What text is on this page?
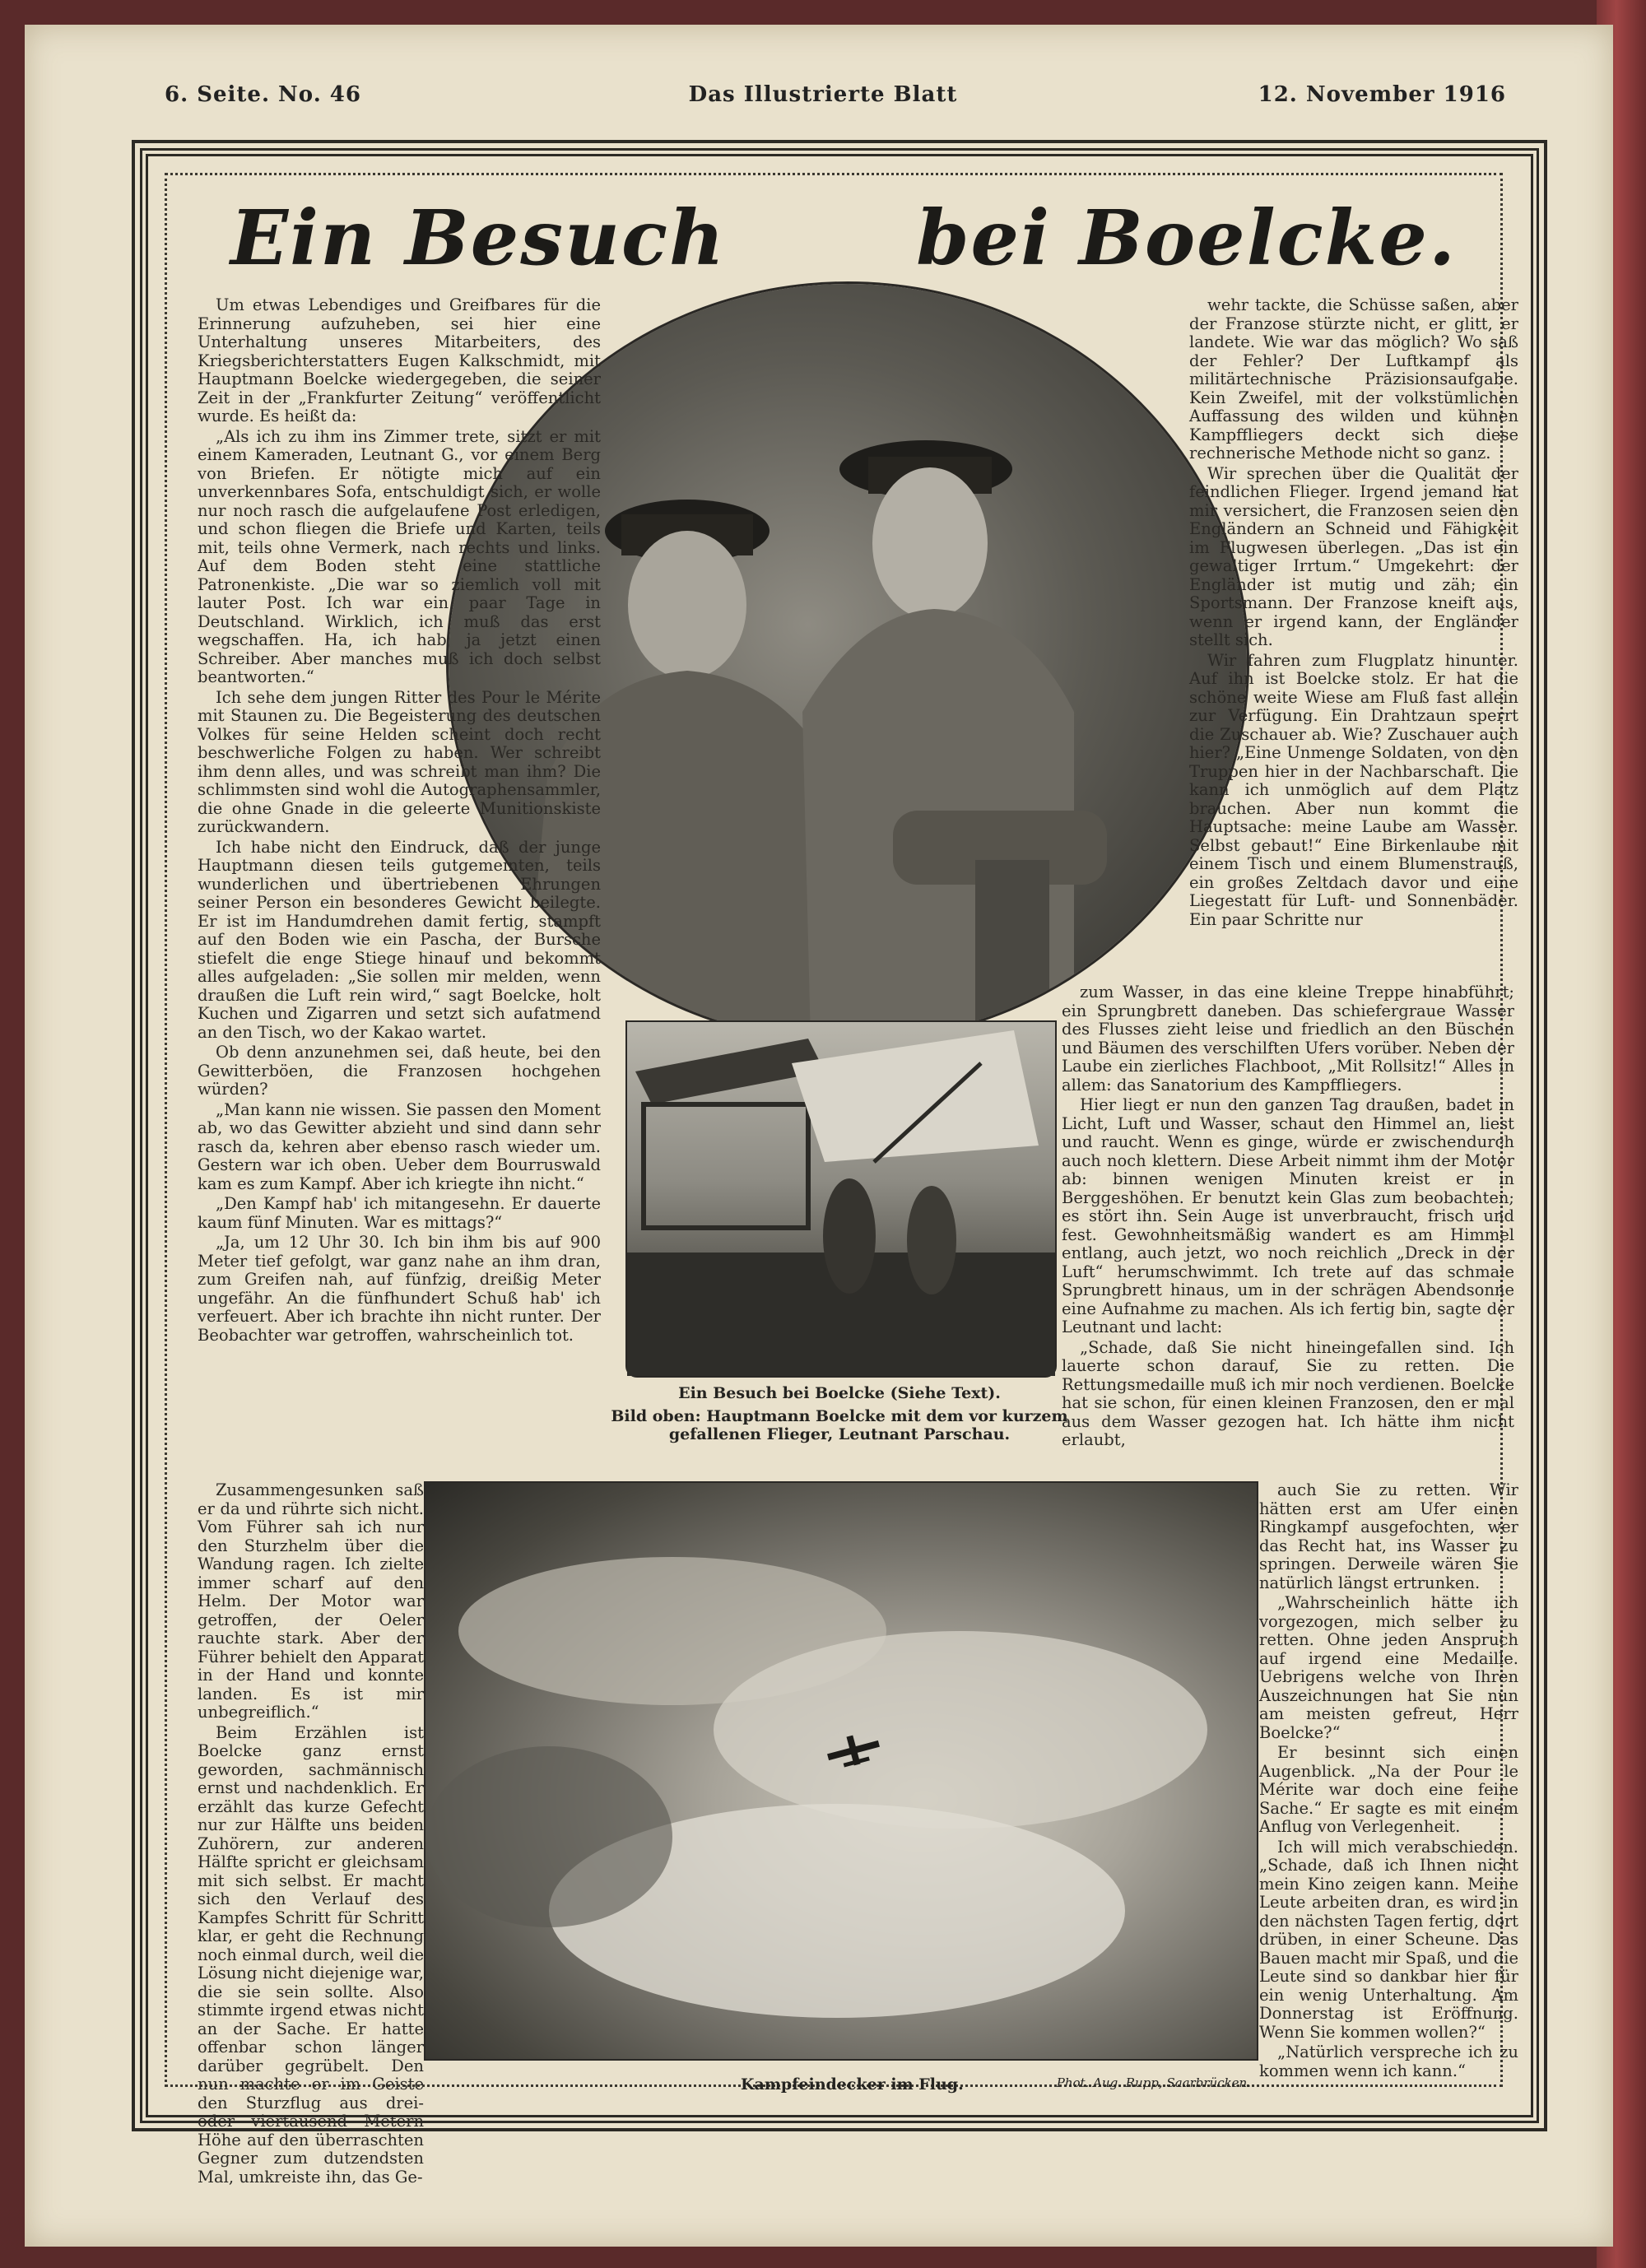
6. Seite. No. 46	Das Illustrierte Blatt	12. November 1916
Ein Besuch	bei Boelcke.
Ein Besuch bei Boelcke (Siehe Text).
Bild oben: Hauptmann Boelcke mit dem vor kurzem gefallenen Flieger, Leutnant Parschau.
Kampfeindecker im Flug.	Phot. Aug. Rupp, Saarbrücken.

Um etwas Lebendiges und Greifbares für die Erinnerung aufzuheben, sei hier eine Unterhaltung unseres Mitarbeiters, des Kriegsberichterstatters Eugen Kalkschmidt, mit Hauptmann Boelcke wiedergegeben, die seiner Zeit in der „Frankfurter Zeitung“ veröffentlicht wurde. Es heißt da:

„Als ich zu ihm ins Zimmer trete, sitzt er mit einem Kameraden, Leutnant G., vor einem Berg von Briefen. Er nötigte mich auf ein unverkennbares Sofa, entschuldigt sich, er wolle nur noch rasch die aufgelaufene Post erledigen, und schon fliegen die Briefe und Karten, teils mit, teils ohne Vermerk, nach rechts und links. Auf dem Boden steht eine stattliche Patronenkiste. „Die war so ziemlich voll mit lauter Post. Ich war ein paar Tage in Deutschland. Wirklich, ich muß das erst wegschaffen. Ha, ich hab ja jetzt einen Schreiber. Aber manches muß ich doch selbst beantworten.“

Ich sehe dem jungen Ritter des Pour le Mérite mit Staunen zu. Die Begeisterung des deutschen Volkes für seine Helden scheint doch recht beschwerliche Folgen zu haben. Wer schreibt ihm denn alles, und was schreibt man ihm? Die schlimmsten sind wohl die Autographensammler, die ohne Gnade in die geleerte Munitionskiste zurückwandern.

Ich habe nicht den Eindruck, daß der junge Hauptmann diesen teils gutgemeinten, teils wunderlichen und übertriebenen Ehrungen seiner Person ein besonderes Gewicht beilegte. Er ist im Handumdrehen damit fertig, stampft auf den Boden wie ein Pascha, der Bursche stiefelt die enge Stiege hinauf und bekommt alles aufgeladen: „Sie sollen mir melden, wenn draußen die Luft rein wird,“ sagt Boelcke, holt Kuchen und Zigarren und setzt sich aufatmend an den Tisch, wo der Kakao wartet.

Ob denn anzunehmen sei, daß heute, bei den Gewitterböen, die Franzosen hochgehen würden?

„Man kann nie wissen. Sie passen den Moment ab, wo das Gewitter abzieht und sind dann sehr rasch da, kehren aber ebenso rasch wieder um. Gestern war ich oben. Ueber dem Bourruswald kam es zum Kampf. Aber ich kriegte ihn nicht.“

„Den Kampf hab' ich mitangesehn. Er dauerte kaum fünf Minuten. War es mittags?“

„Ja, um 12 Uhr 30. Ich bin ihm bis auf 900 Meter tief gefolgt, war ganz nahe an ihm dran, zum Greifen nah, auf fünfzig, dreißig Meter ungefähr. An die fünfhundert Schuß hab' ich verfeuert. Aber ich brachte ihn nicht runter. Der Beobachter war getroffen, wahrscheinlich tot.

Zusammengesunken saß er da und rührte sich nicht. Vom Führer sah ich nur den Sturzhelm über die Wandung ragen. Ich zielte immer scharf auf den Helm. Der Motor war getroffen, der Oeler rauchte stark. Aber der Führer behielt den Apparat in der Hand und konnte landen. Es ist mir unbegreiflich.“

Beim Erzählen ist Boelcke ganz ernst geworden, sachmännisch ernst und nachdenklich. Er erzählt das kurze Gefecht nur zur Hälfte uns beiden Zuhörern, zur anderen Hälfte spricht er gleichsam mit sich selbst. Er macht sich den Verlauf des Kampfes Schritt für Schritt klar, er geht die Rechnung noch einmal durch, weil die Lösung nicht diejenige war, die sie sein sollte. Also stimmte irgend etwas nicht an der Sache. Er hatte offenbar schon länger darüber gegrübelt. Den nun machte er im Geiste den Sturzflug aus drei- oder viertausend Metern Höhe auf den überraschten Gegner zum dutzendsten Mal, umkreiste ihn, das Ge-

wehr tackte, die Schüsse saßen, aber der Franzose stürzte nicht, er glitt, er landete. Wie war das möglich? Wo saß der Fehler? Der Luftkampf als militärtechnische Präzisionsaufgabe. Kein Zweifel, mit der volkstümlichen Auffassung des wilden und kühnen Kampffliegers deckt sich diese rechnerische Methode nicht so ganz.

Wir sprechen über die Qualität der feindlichen Flieger. Irgend jemand hat mir versichert, die Franzosen seien den Engländern an Schneid und Fähigkeit im Flugwesen überlegen. „Das ist ein gewaltiger Irrtum.“ Umgekehrt: der Engländer ist mutig und zäh; ein Sportsmann. Der Franzose kneift aus, wenn er irgend kann, der Engländer stellt sich.

Wir fahren zum Flugplatz hinunter. Auf ihn ist Boelcke stolz. Er hat die schöne weite Wiese am Fluß fast allein zur Verfügung. Ein Drahtzaun sperrt die Zuschauer ab. Wie? Zuschauer auch hier? „Eine Unmenge Soldaten, von den Truppen hier in der Nachbarschaft. Die kann ich unmöglich auf dem Platz brauchen. Aber nun kommt die Hauptsache: meine Laube am Wasser. Selbst gebaut!“ Eine Birkenlaube mit einem Tisch und einem Blumenstrauß, ein großes Zeltdach davor und eine Liegestatt für Luft- und Sonnenbäder. Ein paar Schritte nur

zum Wasser, in das eine kleine Treppe hinabführt; ein Sprungbrett daneben. Das schiefergraue Wasser des Flusses zieht leise und friedlich an den Büschen und Bäumen des verschilften Ufers vorüber. Neben der Laube ein zierliches Flachboot, „Mit Rollsitz!“ Alles in allem: das Sanatorium des Kampffliegers.

Hier liegt er nun den ganzen Tag draußen, badet in Licht, Luft und Wasser, schaut den Himmel an, liest und raucht. Wenn es ginge, würde er zwischendurch auch noch klettern. Diese Arbeit nimmt ihm der Motor ab: binnen wenigen Minuten kreist er in Berggeshöhen. Er benutzt kein Glas zum beobachten; es stört ihn. Sein Auge ist unverbraucht, frisch und fest. Gewohnheitsmäßig wandert es am Himmel entlang, auch jetzt, wo noch reichlich „Dreck in der Luft“ herumschwimmt. Ich trete auf das schmale Sprungbrett hinaus, um in der schrägen Abendsonne eine Aufnahme zu machen. Als ich fertig bin, sagte der Leutnant und lacht:

„Schade, daß Sie nicht hineingefallen sind. Ich lauerte schon darauf, Sie zu retten. Die Rettungsmedaille muß ich mir noch verdienen. Boelcke hat sie schon, für einen kleinen Franzosen, den er mal aus dem Wasser gezogen hat. Ich hätte ihm nicht erlaubt,

auch Sie zu retten. Wir hätten erst am Ufer einen Ringkampf ausgefochten, wer das Recht hat, ins Wasser zu springen. Derweile wären Sie natürlich längst ertrunken.

„Wahrscheinlich hätte ich vorgezogen, mich selber zu retten. Ohne jeden Anspruch auf irgend eine Medaille. Uebrigens welche von Ihren Auszeichnungen hat Sie nun am meisten gefreut, Herr Boelcke?“

Er besinnt sich einen Augenblick. „Na der Pour le Mérite war doch eine feine Sache.“ Er sagte es mit einem Anflug von Verlegenheit.

Ich will mich verabschieden. „Schade, daß ich Ihnen nicht mein Kino zeigen kann. Meine Leute arbeiten dran, es wird in den nächsten Tagen fertig, dort drüben, in einer Scheune. Das Bauen macht mir Spaß, und die Leute sind so dankbar hier für ein wenig Unterhaltung. Am Donnerstag ist Eröffnung. Wenn Sie kommen wollen?“

„Natürlich verspreche ich zu kommen wenn ich kann.“
